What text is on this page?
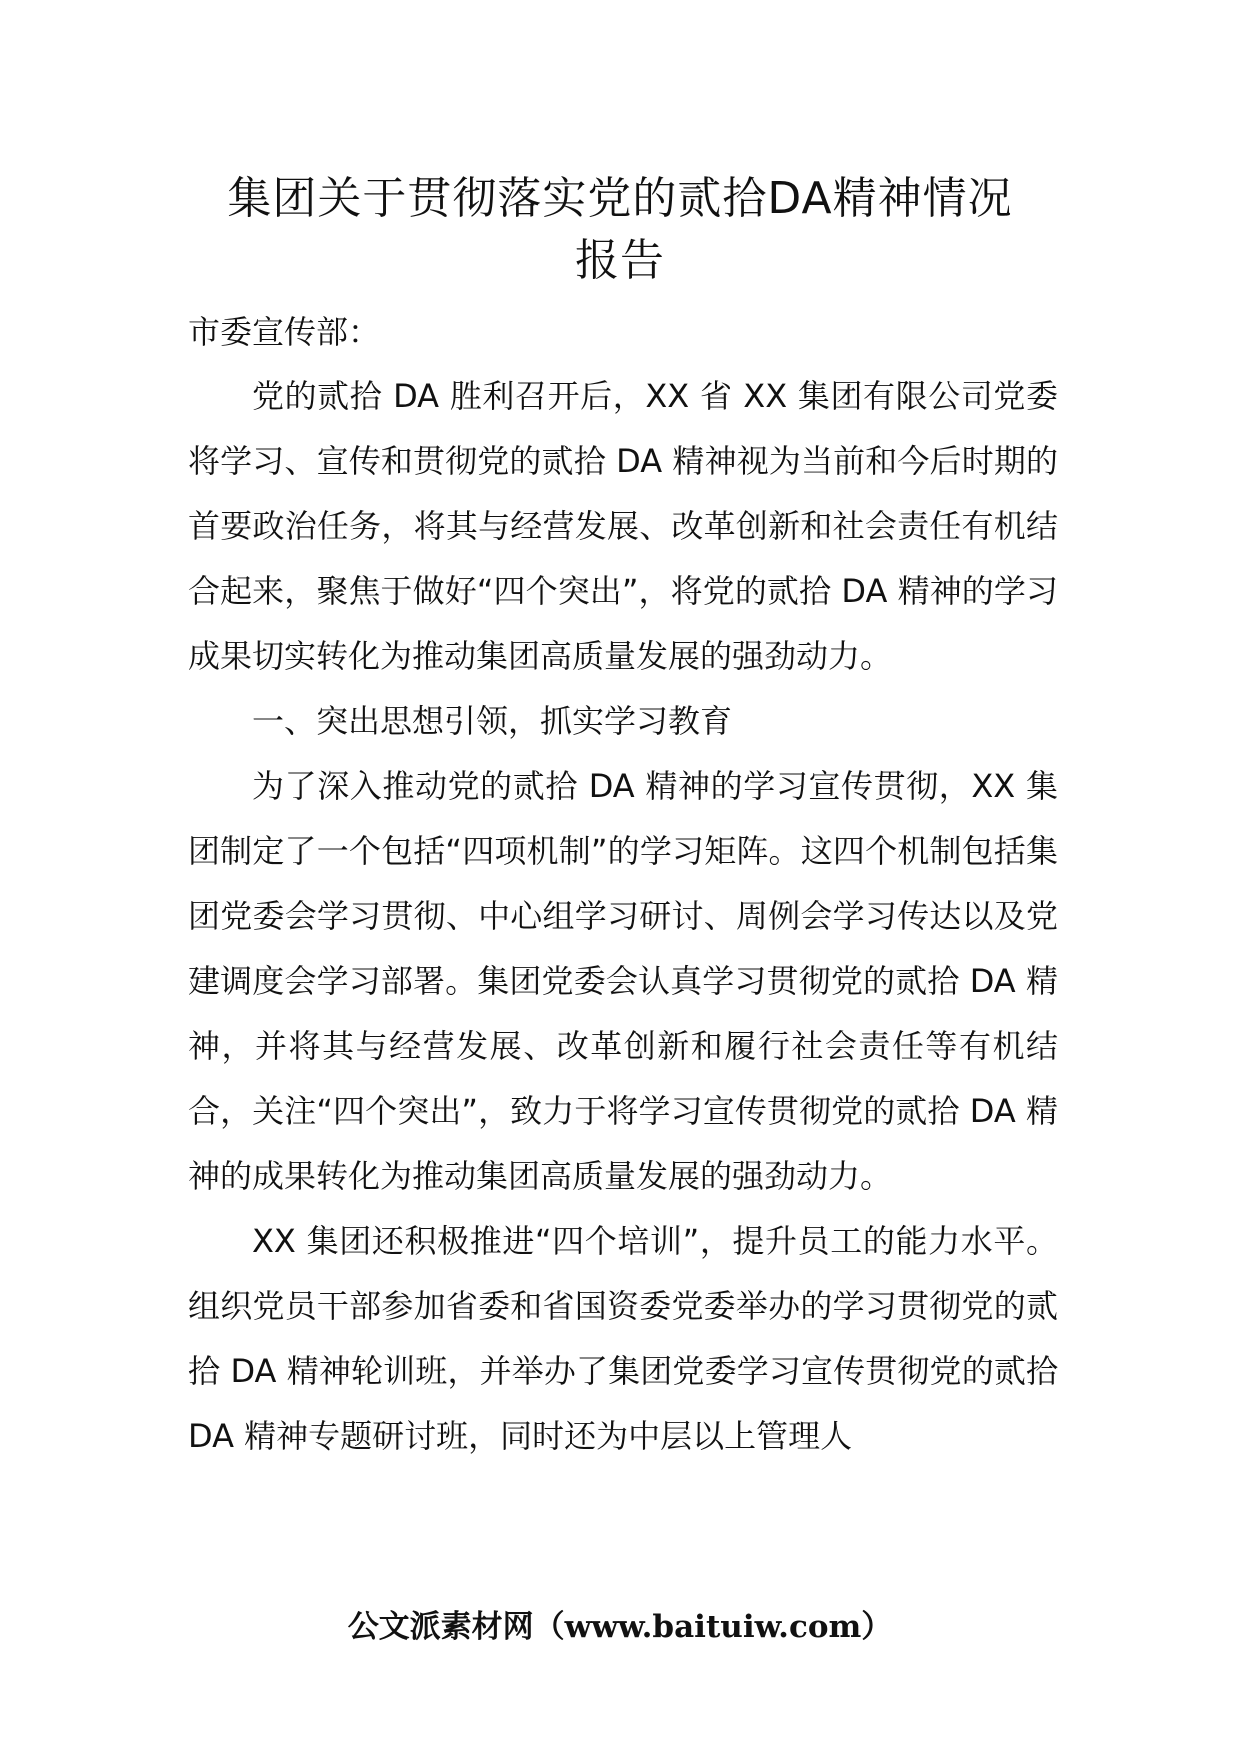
集团关于贯彻落实党的贰拾DA精神情况
报告
市委宣传部：

党的贰拾 DA 胜利召开后，XX 省 XX 集团有限公司党委将学习、宣传和贯彻党的贰拾 DA 精神视为当前和今后时期的首要政治任务，将其与经营发展、改革创新和社会责任有机结合起来，聚焦于做好“四个突出”，将党的贰拾 DA 精神的学习成果切实转化为推动集团高质量发展的强劲动力。

一、突出思想引领，抓实学习教育

为了深入推动党的贰拾 DA 精神的学习宣传贯彻，XX 集团制定了一个包括“四项机制”的学习矩阵。这四个机制包括集团党委会学习贯彻、中心组学习研讨、周例会学习传达以及党建调度会学习部署。集团党委会认真学习贯彻党的贰拾 DA 精神，并将其与经营发展、改革创新和履行社会责任等有机结合，关注“四个突出”，致力于将学习宣传贯彻党的贰拾 DA 精神的成果转化为推动集团高质量发展的强劲动力。

XX 集团还积极推进“四个培训”，提升员工的能力水平。组织党员干部参加省委和省国资委党委举办的学习贯彻党的贰拾 DA 精神轮训班，并举办了集团党委学习宣传贯彻党的贰拾 DA 精神专题研讨班，同时还为中层以上管理人

公文派素材网（www.baituiw.com）
